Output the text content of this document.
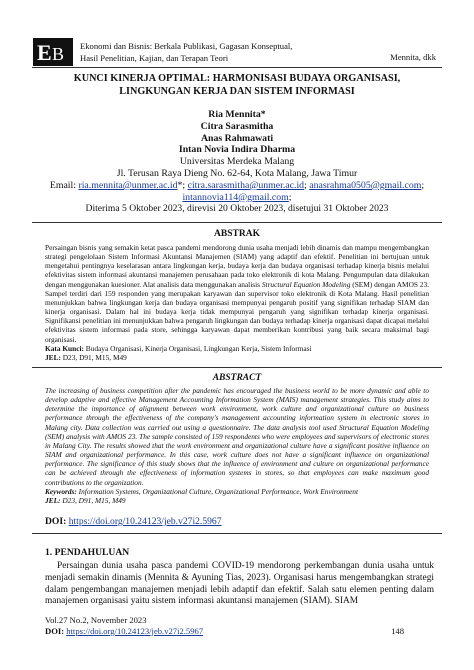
E B Ekonomi dan Bisnis: Berkala Publikasi, Gagasan Konseptual,
Hasil Penelitian, Kajian, dan Terapan Teori	Mennita, dkk
KUNCI KINERJA OPTIMAL: HARMONISASI BUDAYA ORGANISASI,
LINGKUNGAN KERJA DAN SISTEM INFORMASI
Ria Mennita*
Citra Sarasmitha
Anas Rahmawati
Intan Novia Indira Dharma
Universitas Merdeka Malang
Jl. Terusan Raya Dieng No. 62-64, Kota Malang, Jawa Timur
Email: ria.mennita@unmer.ac.id*; citra.sarasmitha@unmer.ac.id; anasrahma0505@gmail.com;
intannovia114@gmail.com;
Diterima 5 Oktober 2023, direvisi 20 Oktober 2023, disetujui 31 Oktober 2023
ABSTRAK
Persaingan bisnis yang semakin ketat pasca pandemi mendorong dunia usaha menjadi lebih dinamis dan mampu mengembangkan strategi pengelolaan Sistem Informasi Akuntansi Manajemen (SIAM) yang adaptif dan efektif. Penelitian ini bertujuan untuk mengetahui pentingnya keselarasan antara lingkungan kerja, budaya kerja dan budaya organisasi terhadap kinerja bisnis melalui efektivitas sistem informasi akuntansi manajemen perusahaan pada toko elektronik di kota Malang. Pengumpulan data dilakukan dengan menggunakan kuesioner. Alat analisis data menggunakan analisis Structural Equation Modeling (SEM) dengan AMOS 23. Sampel terdiri dari 159 responden yang merupakan karyawan dan supervisor toko elektronik di Kota Malang. Hasil penelitian menunjukkan bahwa lingkungan kerja dan budaya organisasi mempunyai pengaruh positif yang signifikan terhadap SIAM dan kinerja organisasi. Dalam hal ini budaya kerja tidak mempunyai pengaruh yang signifikan terhadap kinerja organisasi. Signifikansi penelitian ini menunjukkan bahwa pengaruh lingkungan dan budaya terhadap kinerja organisasi dapat dicapai melalui efektivitas sistem informasi pada store, sehingga karyawan dapat memberikan kontribusi yang baik secara maksimal bagi organisasi.
Kata Kunci: Budaya Organisasi, Kinerja Organisasi, Lingkungan Kerja, Sistem Informasi
JEL: D23, D91, M15, M49
ABSTRACT
The increasing of business competition after the pandemic has encouraged the business world to be more dynamic and able to develop adaptive and effective Management Accounting Information System (MAIS) management strategies. This study aims to determine the importance of alignment between work environment, work culture and organizational culture on business performance through the effectiveness of the company's management accounting information system in electronic stores in Malang city. Data collection was carried out using a questionnaire. The data analysis tool used Structural Equation Modeling (SEM) analysis with AMOS 23. The sample consisted of 159 respondents who were employees and supervisors of electronic stores in Malang City. The results showed that the work environment and organizational culture have a significant positive influence on SIAM and organizational performance. In this case, work culture does not have a significant influence on organizational performance. The significance of this study shows that the influence of environment and culture on organizational performance can be achieved through the effectiveness of information systems in stores, so that employees can make maximum good contributions to the organization.
Keywords: Information Systems, Organizational Culture, Organizational Performance, Work Environment
JEL: D23, D91, M15, M49
DOI: https://doi.org/10.24123/jeb.v27i2.5967
1. PENDAHULUAN
Persaingan dunia usaha pasca pandemi COVID-19 mendorong perkembangan dunia usaha untuk menjadi semakin dinamis (Mennita & Ayuning Tias, 2023). Organisasi harus mengembangkan strategi dalam pengembangan manajemen menjadi lebih adaptif dan efektif. Salah satu elemen penting dalam manajemen organisasi yaitu sistem informasi akuntansi manajemen (SIAM). SIAM
Vol.27 No.2, November 2023
DOI: https://doi.org/10.24123/jeb.v27i2.5967	148
